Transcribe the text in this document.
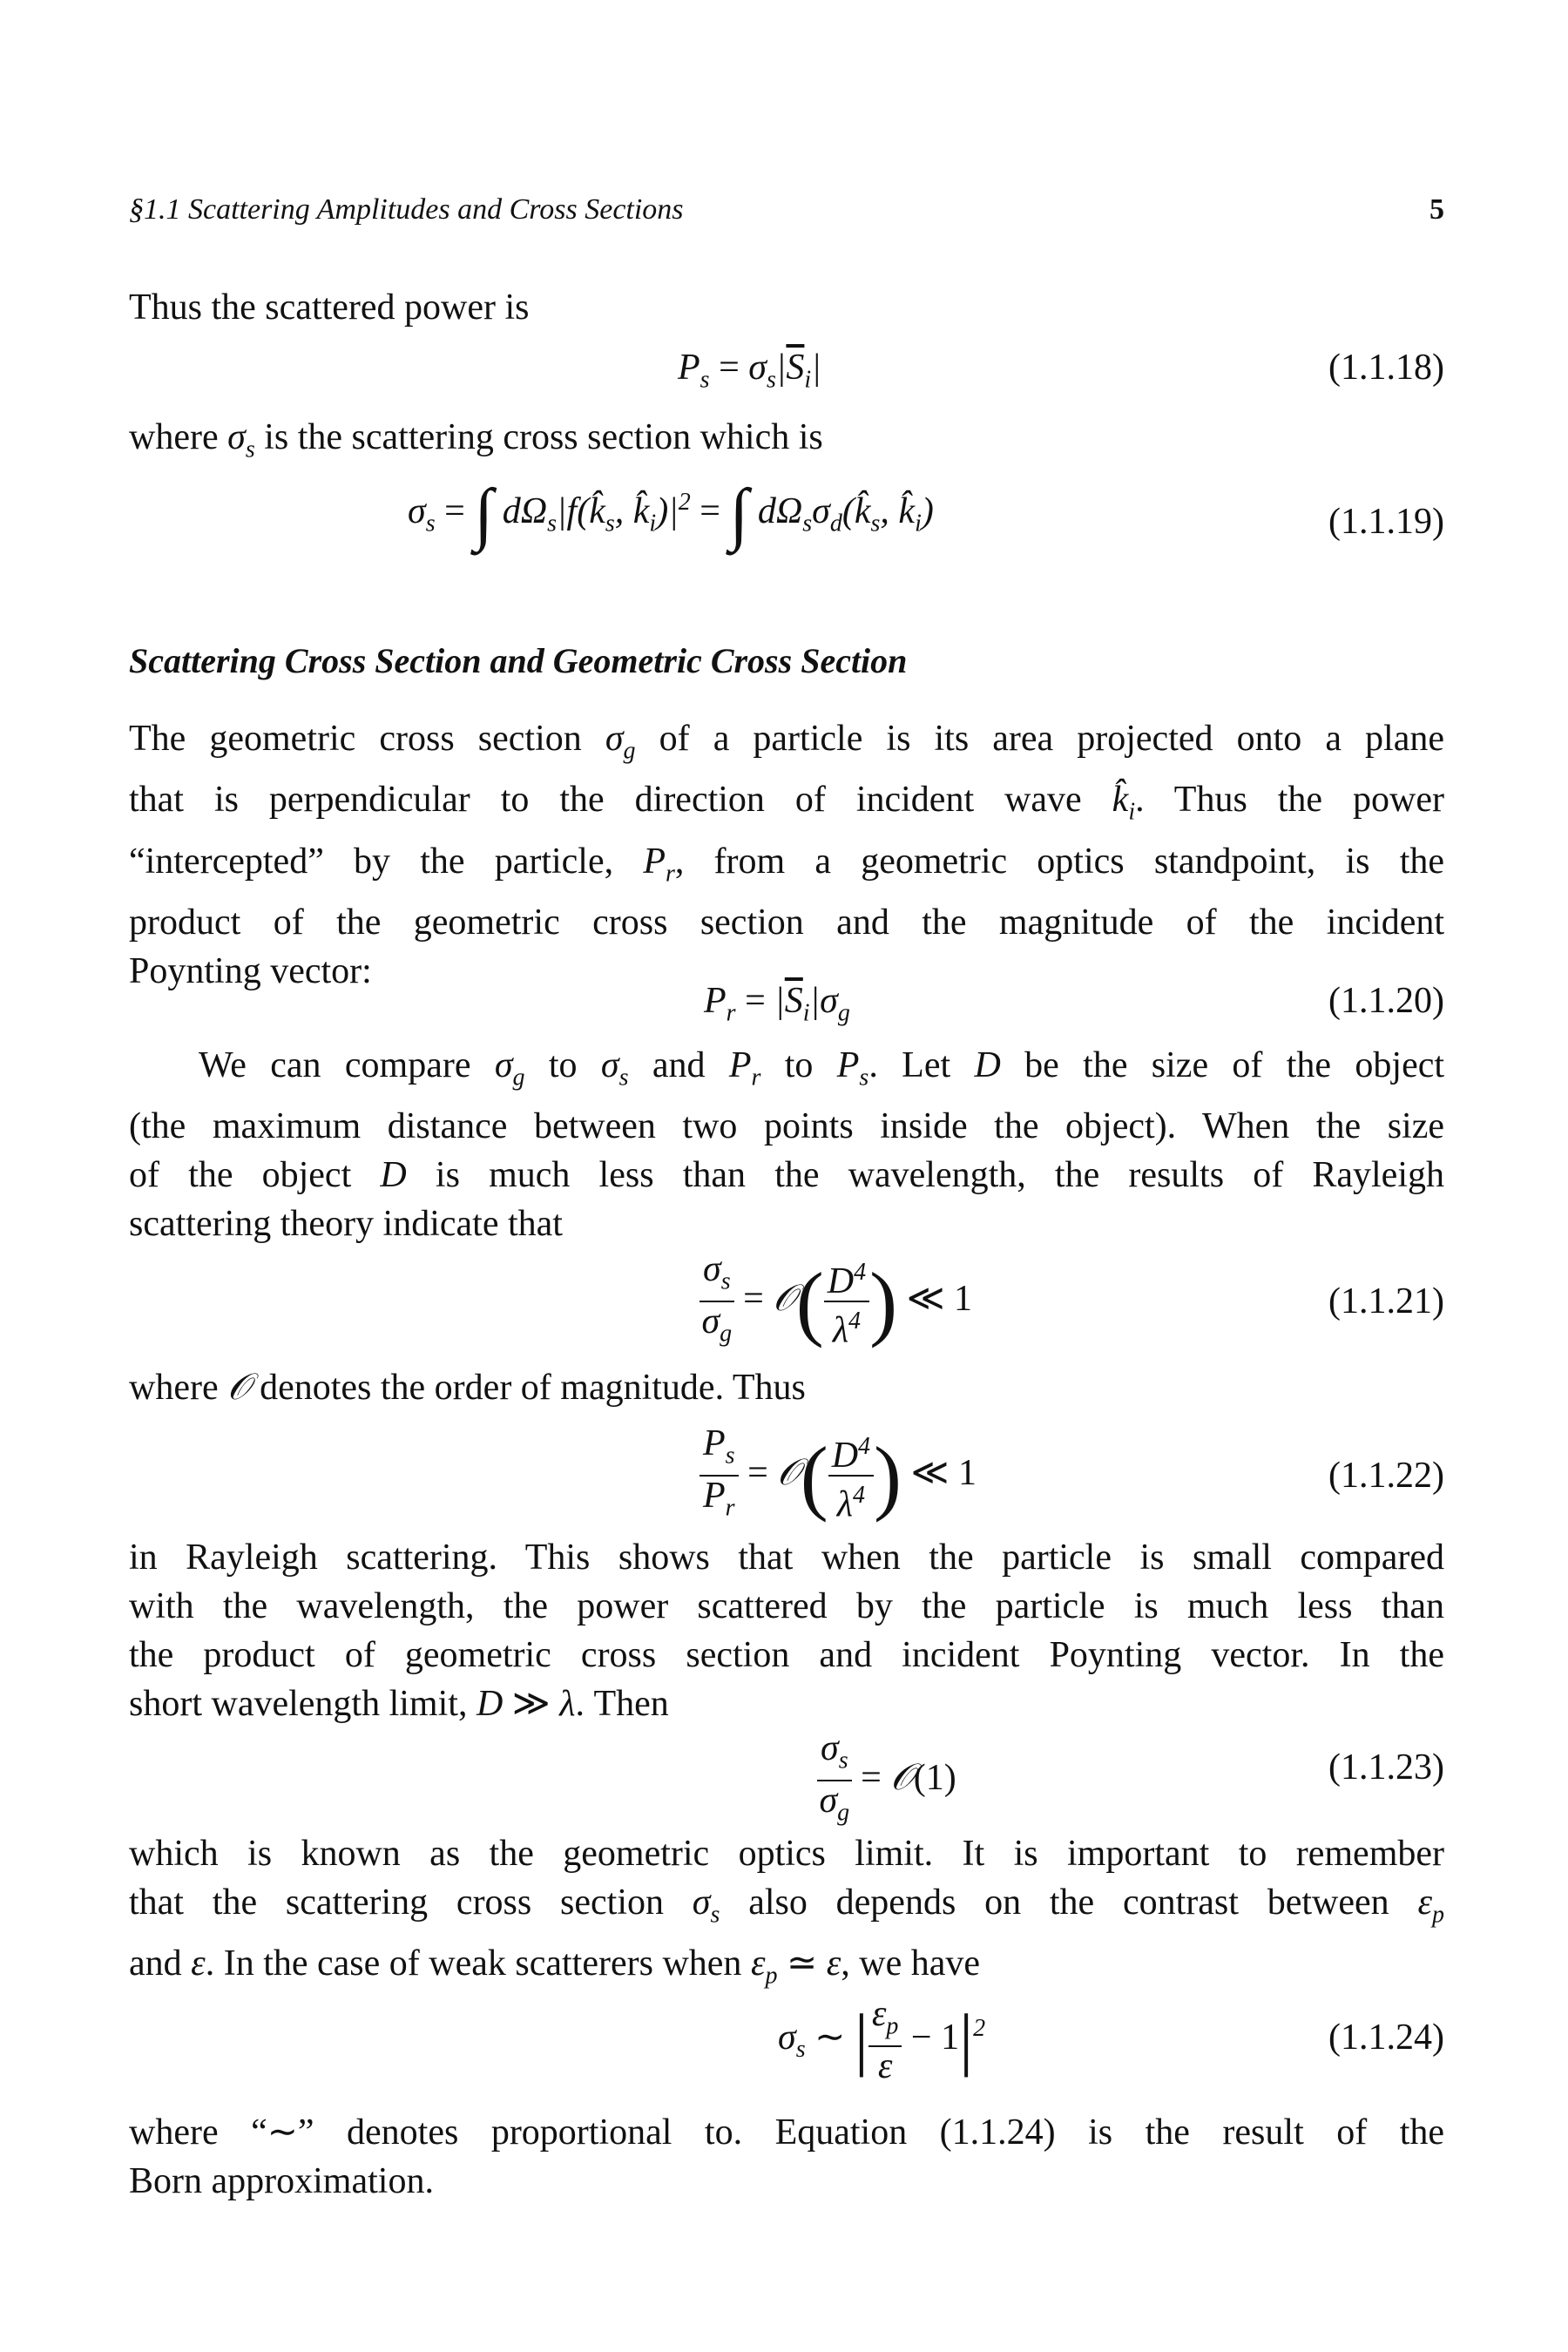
§1.1 Scattering Amplitudes and Cross Sections	5
Thus the scattered power is
$P_s = \sigma_s|\overline{S}_i|$	(1.1.18)
where $\sigma_s$ is the scattering cross section which is
$\sigma_s$ = ∫ $d\Omega_s|f(k̂_s$, $k̂_i)|^2$ = ∫ $d\Omega_s\sigma_d(k̂_s$, $k̂_i$)	(1.1.19)
Scattering Cross Section and Geometric Cross Section
The geometric cross section $\sigma_g$ of a particle is its area projected onto a plane
that is perpendicular to the direction of incident wave $k̂_i$. Thus the power
“intercepted” by the particle, $P_r$, from a geometric optics standpoint, is the
product of the geometric cross section and the magnitude of the incident
Poynting vector:
$P_r = |\overline{S}_i|\sigma_g$	(1.1.20)
We can compare $\sigma_g$ to $\sigma_s$ and $P_r$ to $P_s$. Let D be the size of the object
(the maximum distance between two points inside the object). When the size
of the object D is much less than the wavelength, the results of Rayleigh
scattering theory indicate that
$\frac{\sigma_s}{\sigma_g}$ = 𝒪( $\frac{D^4}{\lambda^4}$ ) ≪ 1	(1.1.21)
where 𝒪 denotes the order of magnitude. Thus
$\frac{P_s}{P_r}$ = 𝒪( $\frac{D^4}{\lambda^4}$ ) ≪ 1	(1.1.22)
in Rayleigh scattering. This shows that when the particle is small compared
with the wavelength, the power scattered by the particle is much less than
the product of geometric cross section and incident Poynting vector. In the
short wavelength limit, D ≫ λ. Then
$\frac{\sigma_s}{\sigma_g}$ = 𝒪(1)	(1.1.23)
which is known as the geometric optics limit. It is important to remember
that the scattering cross section $\sigma_s$ also depends on the contrast between $\varepsilon_p$
and ε. In the case of weak scatterers when $\varepsilon_p$ ≃ ε, we have
$\sigma_s$ ∼ | $\frac{\varepsilon_p}{\varepsilon} - 1|^2$	(1.1.24)
where “∼” denotes proportional to. Equation (1.1.24) is the result of the
Born approximation.
